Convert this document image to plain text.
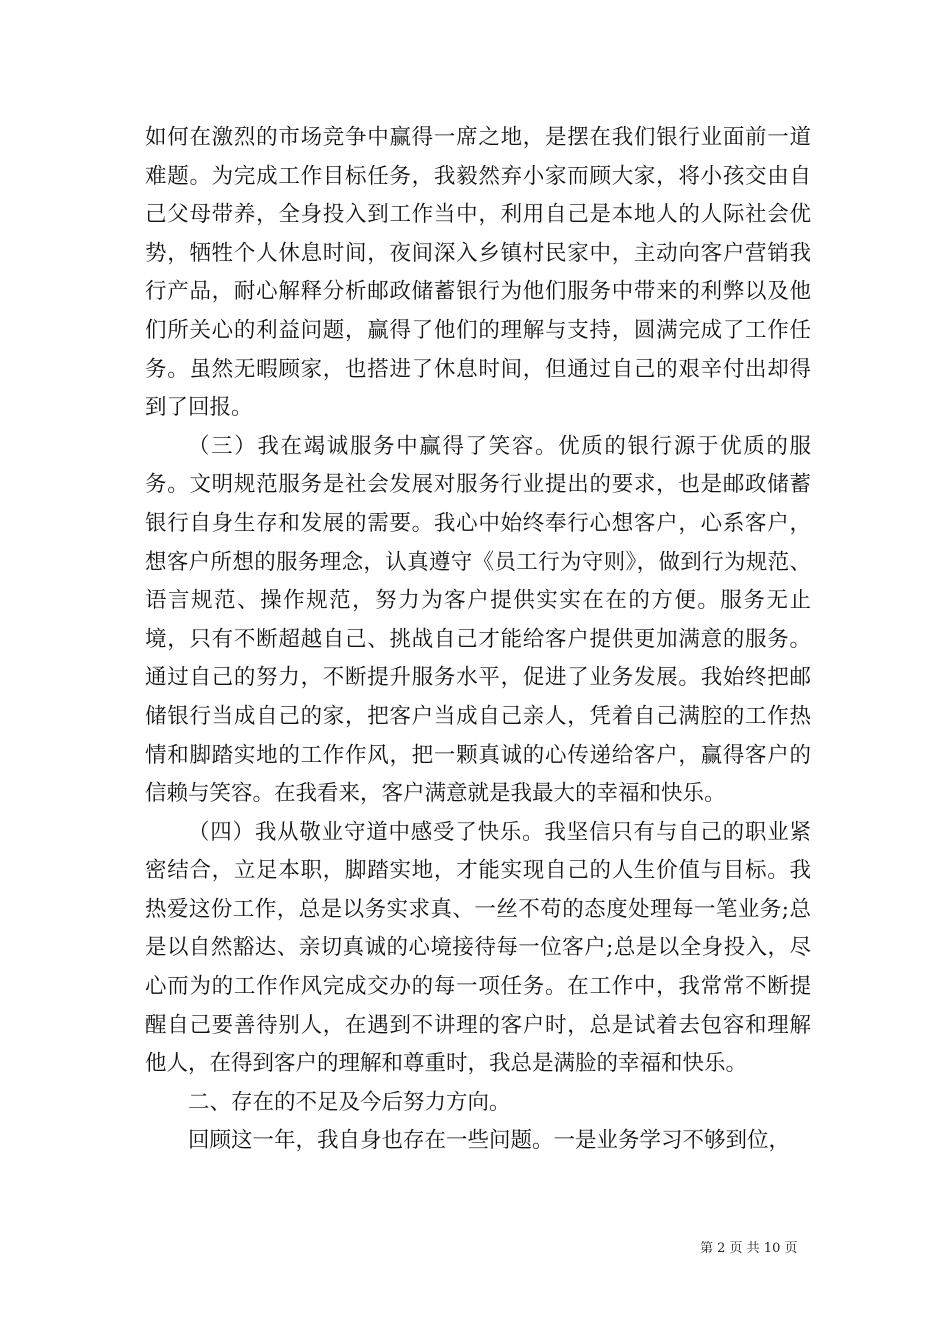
如何在激烈的市场竞争中赢得一席之地，是摆在我们银行业面前一道难题。为完成工作目标任务，我毅然弃小家而顾大家，将小孩交由自己父母带养，全身投入到工作当中，利用自己是本地人的人际社会优势，牺牲个人休息时间，夜间深入乡镇村民家中，主动向客户营销我行产品，耐心解释分析邮政储蓄银行为他们服务中带来的利弊以及他们所关心的利益问题，赢得了他们的理解与支持，圆满完成了工作任务。虽然无暇顾家，也搭进了休息时间，但通过自己的艰辛付出却得到了回报。

（三）我在竭诚服务中赢得了笑容。优质的银行源于优质的服务。文明规范服务是社会发展对服务行业提出的要求，也是邮政储蓄银行自身生存和发展的需要。我心中始终奉行心想客户，心系客户，想客户所想的服务理念，认真遵守《员工行为守则》，做到行为规范、语言规范、操作规范，努力为客户提供实实在在的方便。服务无止境，只有不断超越自己、挑战自己才能给客户提供更加满意的服务。通过自己的努力，不断提升服务水平，促进了业务发展。我始终把邮储银行当成自己的家，把客户当成自己亲人，凭着自己满腔的工作热情和脚踏实地的工作作风，把一颗真诚的心传递给客户，赢得客户的信赖与笑容。在我看来，客户满意就是我最大的幸福和快乐。

（四）我从敬业守道中感受了快乐。我坚信只有与自己的职业紧密结合，立足本职，脚踏实地，才能实现自己的人生价值与目标。我热爱这份工作，总是以务实求真、一丝不苟的态度处理每一笔业务;总是以自然豁达、亲切真诚的心境接待每一位客户;总是以全身投入，尽心而为的工作作风完成交办的每一项任务。在工作中，我常常不断提醒自己要善待别人，在遇到不讲理的客户时，总是试着去包容和理解他人，在得到客户的理解和尊重时，我总是满脸的幸福和快乐。

二、存在的不足及今后努力方向。

回顾这一年，我自身也存在一些问题。一是业务学习不够到位，

第 2 页 共 10 页
